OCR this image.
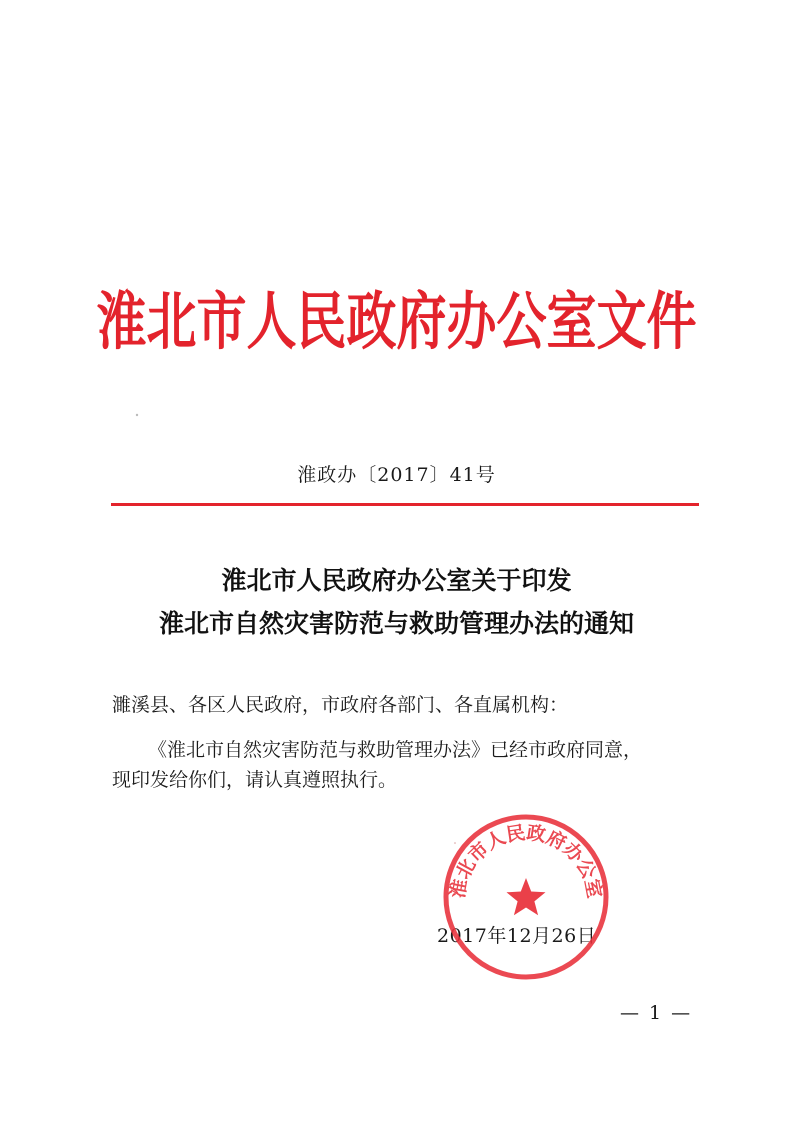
淮北市人民政府办公室文件
淮政办〔2017〕41号
淮北市人民政府办公室关于印发
淮北市自然灾害防范与救助管理办法的通知
濉溪县、各区人民政府，市政府各部门、各直属机构：
《淮北市自然灾害防范与救助管理办法》已经市政府同意，
现印发给你们，请认真遵照执行。
2017年12月26日
淮北市人民政府办公室
— 1 —
